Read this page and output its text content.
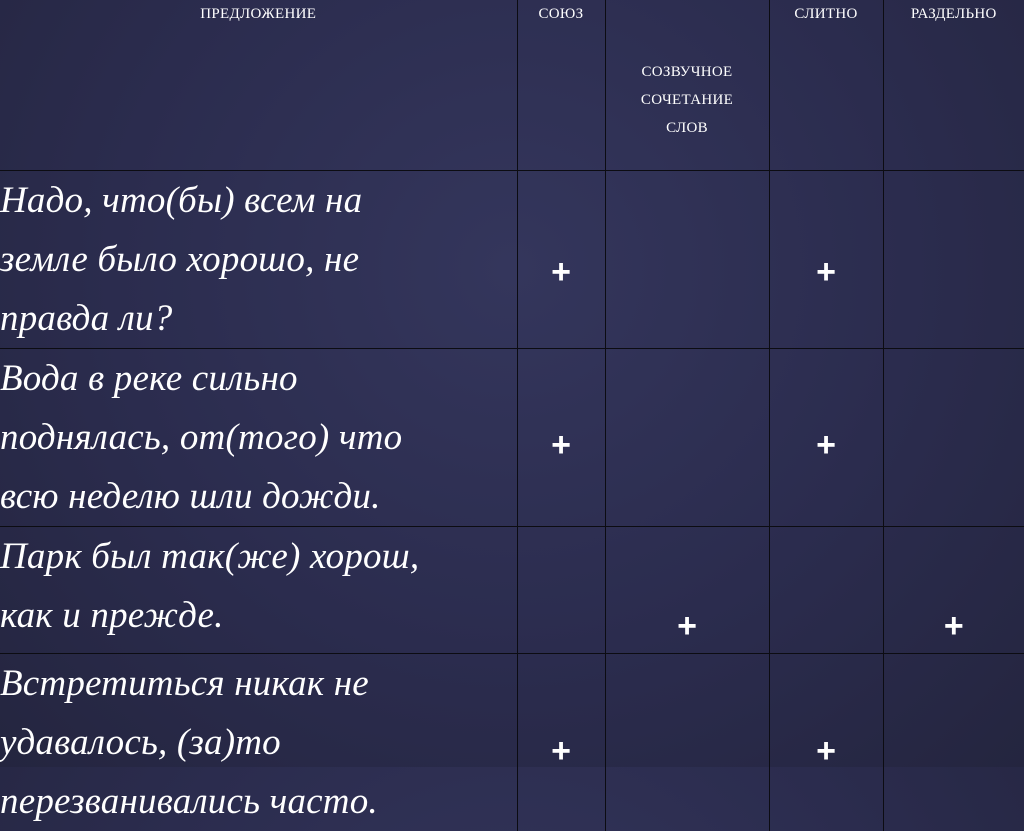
ПРЕДЛОЖЕНИЕ	СОЮЗ	СОЗВУЧНОЕ
СОЧЕТАНИЕ
СЛОВ	СЛИТНО	РАЗДЕЛЬНО
Надо, что(бы) всем на
земле было хорошо, не
правда ли?	+		+	

Вода в реке сильно
поднялась, от(того) что
всю неделю шли дожди.	+		+	

Парк был так(же) хорош,
как и прежде.		+		+

Встретиться никак не
удавалось, (за)то
перезванивались часто.	+		+	
